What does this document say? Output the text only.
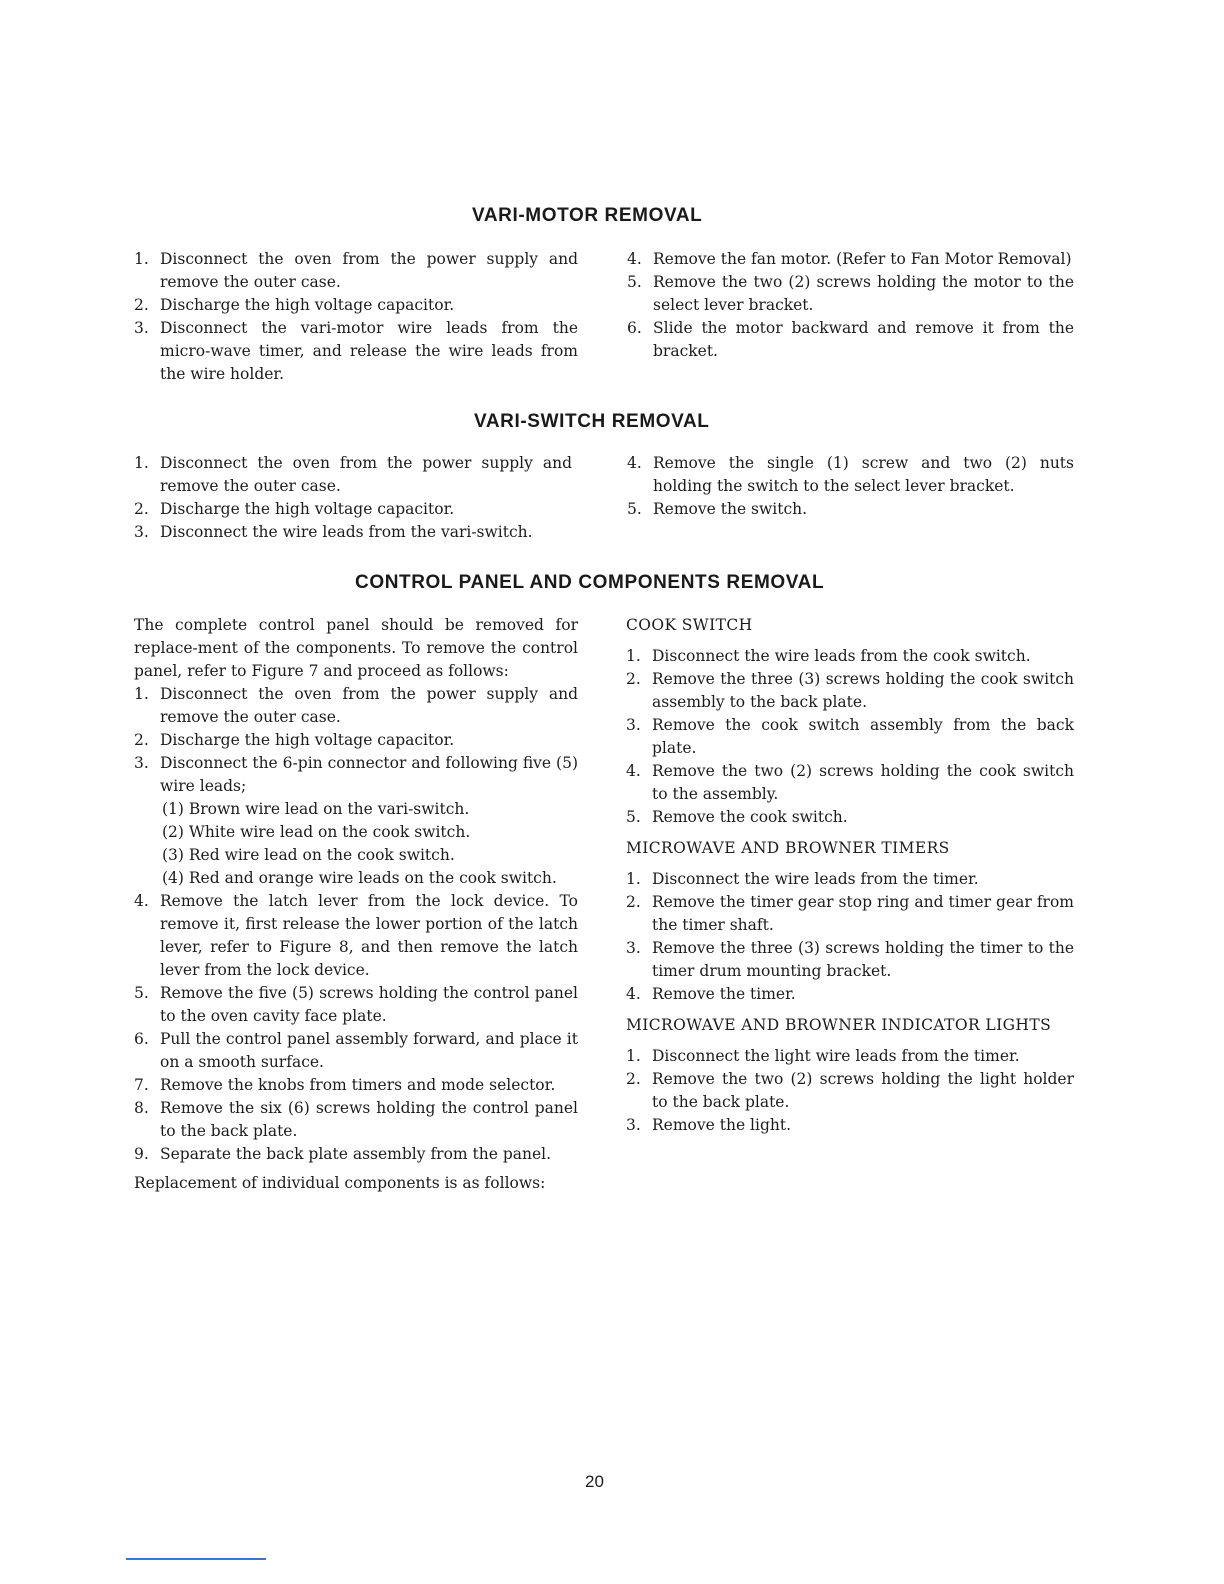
VARI-MOTOR REMOVAL
1. Disconnect the oven from the power supply and remove the outer case.
2. Discharge the high voltage capacitor.
3. Disconnect the vari-motor wire leads from the micro-wave timer, and release the wire leads from the wire holder.
4. Remove the fan motor. (Refer to Fan Motor Removal)
5. Remove the two (2) screws holding the motor to the select lever bracket.
6. Slide the motor backward and remove it from the bracket.
VARI-SWITCH REMOVAL
1. Disconnect the oven from the power supply and remove the outer case.
2. Discharge the high voltage capacitor.
3. Disconnect the wire leads from the vari-switch.
4. Remove the single (1) screw and two (2) nuts holding the switch to the select lever bracket.
5. Remove the switch.
CONTROL PANEL AND COMPONENTS REMOVAL

The complete control panel should be removed for replace-ment of the components. To remove the control panel, refer to Figure 7 and proceed as follows:

1. Disconnect the oven from the power supply and remove the outer case.
2. Discharge the high voltage capacitor.
3. Disconnect the 6-pin connector and following five (5) wire leads;
(1) Brown wire lead on the vari-switch.
(2) White wire lead on the cook switch.
(3) Red wire lead on the cook switch.
(4) Red and orange wire leads on the cook switch.
4. Remove the latch lever from the lock device. To remove it, first release the lower portion of the latch lever, refer to Figure 8, and then remove the latch lever from the lock device.
5. Remove the five (5) screws holding the control panel to the oven cavity face plate.
6. Pull the control panel assembly forward, and place it on a smooth surface.
7. Remove the knobs from timers and mode selector.
8. Remove the six (6) screws holding the control panel to the back plate.
9. Separate the back plate assembly from the panel.

Replacement of individual components is as follows:

COOK SWITCH
1. Disconnect the wire leads from the cook switch.
2. Remove the three (3) screws holding the cook switch assembly to the back plate.
3. Remove the cook switch assembly from the back plate.
4. Remove the two (2) screws holding the cook switch to the assembly.
5. Remove the cook switch.
MICROWAVE AND BROWNER TIMERS
1. Disconnect the wire leads from the timer.
2. Remove the timer gear stop ring and timer gear from the timer shaft.
3. Remove the three (3) screws holding the timer to the timer drum mounting bracket.
4. Remove the timer.
MICROWAVE AND BROWNER INDICATOR LIGHTS
1. Disconnect the light wire leads from the timer.
2. Remove the two (2) screws holding the light holder to the back plate.
3. Remove the light.
20
